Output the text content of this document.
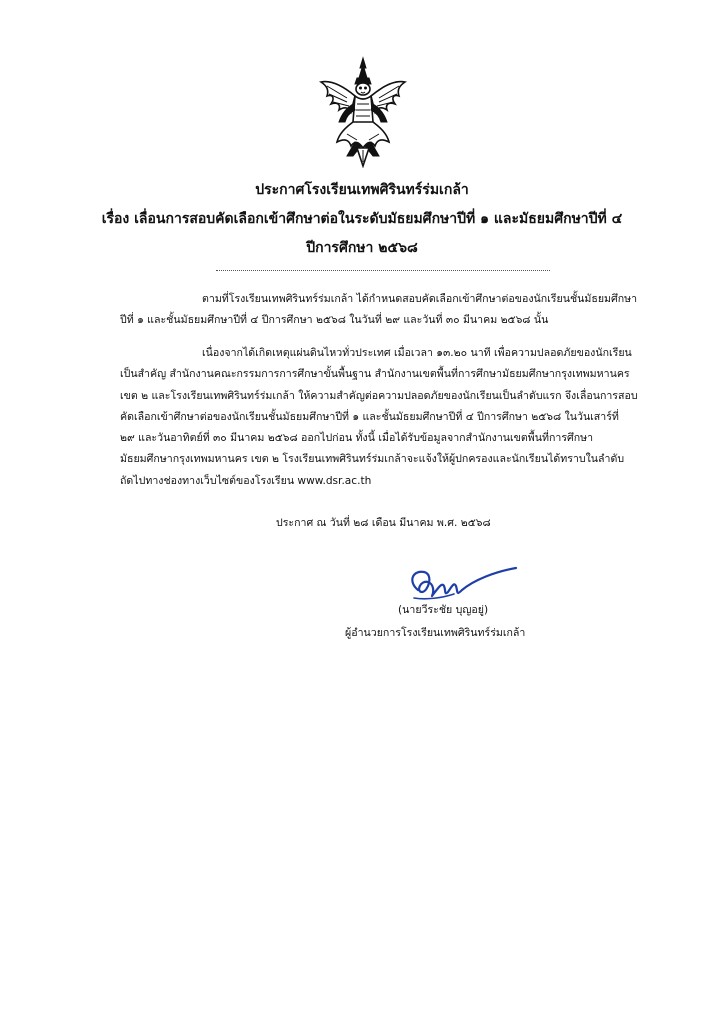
ประกาศโรงเรียนเทพศิรินทร์ร่มเกล้า
เรื่อง เลื่อนการสอบคัดเลือกเข้าศึกษาต่อในระดับมัธยมศึกษาปีที่ ๑ และมัธยมศึกษาปีที่ ๔
ปีการศึกษา ๒๕๖๘
ตามที่โรงเรียนเทพศิรินทร์ร่มเกล้า ได้กำหนดสอบคัดเลือกเข้าศึกษาต่อของนักเรียนชั้นมัธยมศึกษา
ปีที่ ๑ และชั้นมัธยมศึกษาปีที่ ๔ ปีการศึกษา ๒๕๖๘ ในวันที่ ๒๙ และวันที่ ๓๐ มีนาคม ๒๕๖๘ นั้น
เนื่องจากได้เกิดเหตุแผ่นดินไหวทั่วประเทศ เมื่อเวลา ๑๓.๒๐ นาที เพื่อความปลอดภัยของนักเรียน
เป็นสำคัญ สำนักงานคณะกรรมการการศึกษาขั้นพื้นฐาน สำนักงานเขตพื้นที่การศึกษามัธยมศึกษากรุงเทพมหานคร
เขต ๒ และโรงเรียนเทพศิรินทร์ร่มเกล้า ให้ความสำคัญต่อความปลอดภัยของนักเรียนเป็นลำดับแรก จึงเลื่อนการสอบ
คัดเลือกเข้าศึกษาต่อของนักเรียนชั้นมัธยมศึกษาปีที่ ๑ และชั้นมัธยมศึกษาปีที่ ๔ ปีการศึกษา ๒๕๖๘ ในวันเสาร์ที่
๒๙ และวันอาทิตย์ที่ ๓๐ มีนาคม ๒๕๖๘ ออกไปก่อน ทั้งนี้ เมื่อได้รับข้อมูลจากสำนักงานเขตพื้นที่การศึกษา
มัธยมศึกษากรุงเทพมหานคร เขต ๒ โรงเรียนเทพศิรินทร์ร่มเกล้าจะแจ้งให้ผู้ปกครองและนักเรียนได้ทราบในลำดับ
ถัดไปทางช่องทางเว็บไซต์ของโรงเรียน www.dsr.ac.th
ประกาศ ณ วันที่ ๒๘ เดือน มีนาคม พ.ศ. ๒๕๖๘
(นายวีระชัย บุญอยู่)
ผู้อำนวยการโรงเรียนเทพศิรินทร์ร่มเกล้า
